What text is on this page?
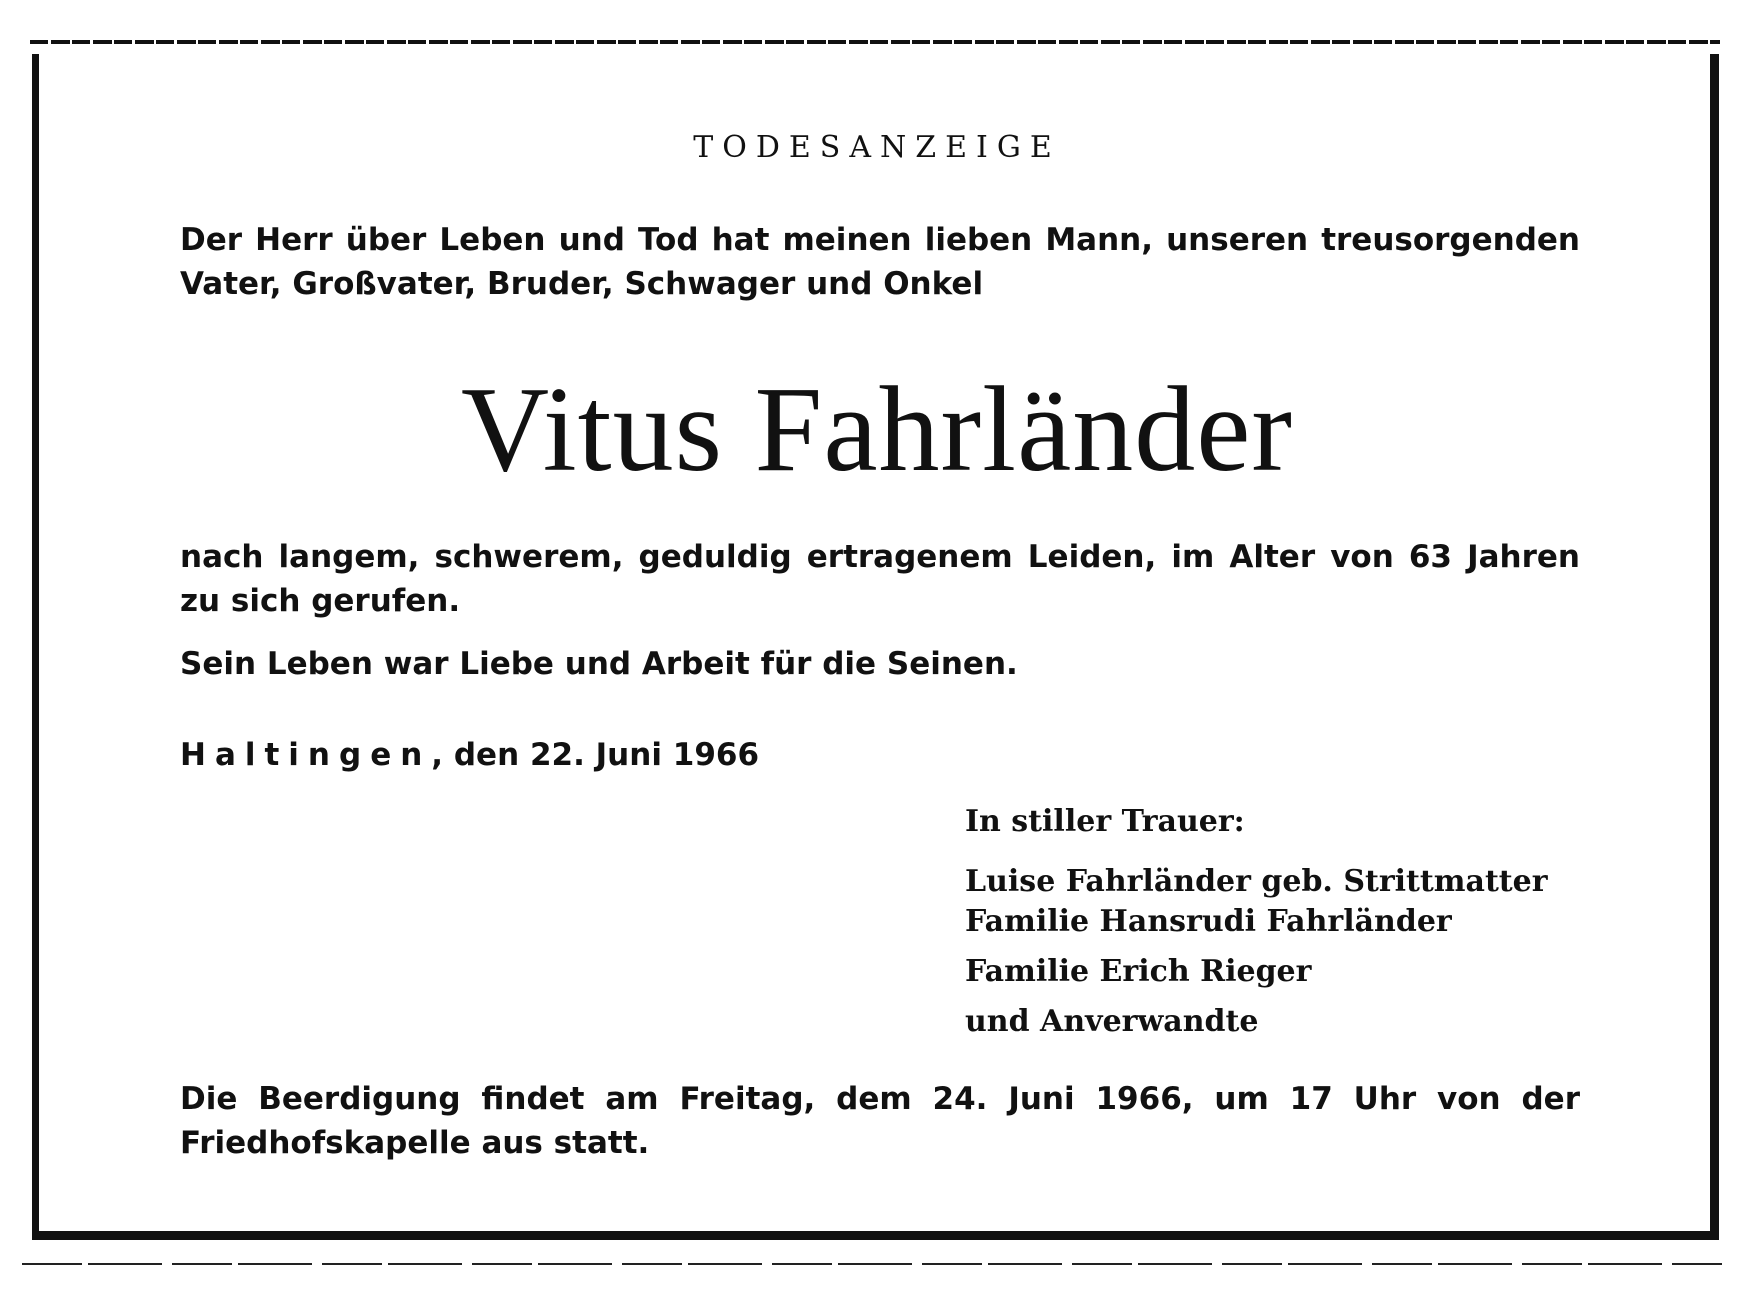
TODESANZEIGE
Der Herr über Leben und Tod hat meinen lieben Mann, unseren treusorgenden Vater, Großvater, Bruder, Schwager und Onkel
Vitus Fahrländer
nach langem, schwerem, geduldig ertragenem Leiden, im Alter von 63 Jahren zu sich gerufen.
Sein Leben war Liebe und Arbeit für die Seinen.
Haltingen, den 22. Juni 1966
In stiller Trauer:
Luise Fahrländer geb. Strittmatter
Familie Hansrudi Fahrländer
Familie Erich Rieger
und Anverwandte
Die Beerdigung findet am Freitag, dem 24. Juni 1966, um 17 Uhr von der Friedhofskapelle aus statt.
